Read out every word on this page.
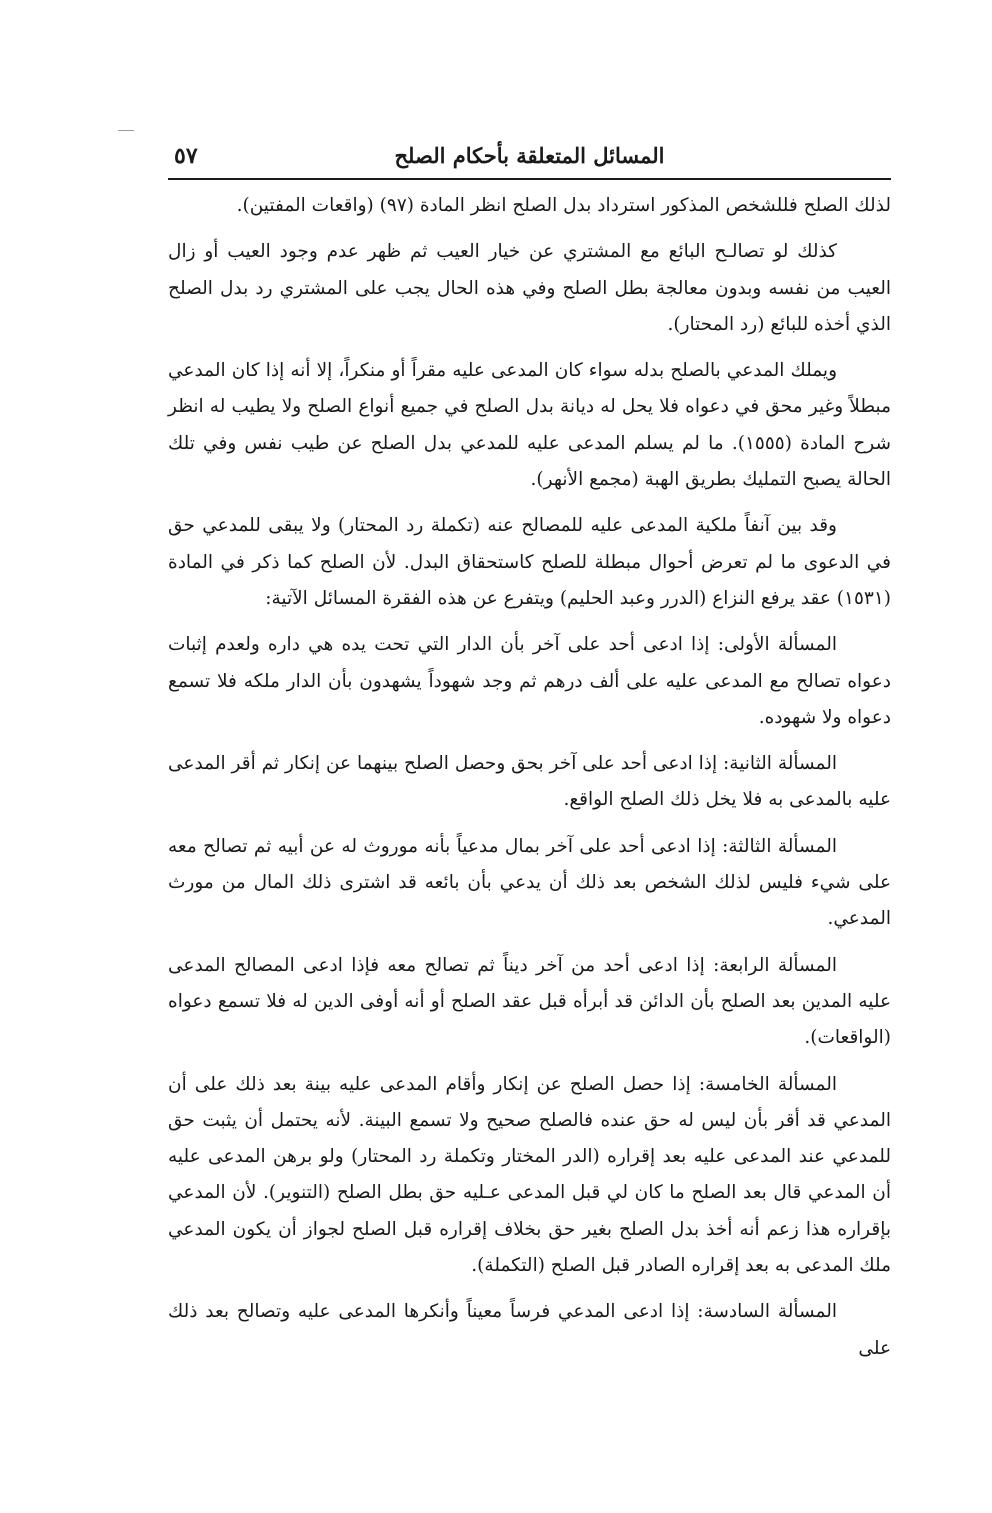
المسائل المتعلقة بأحكام الصلح
٥٧

لذلك الصلح فللشخص المذكور استرداد بدل الصلح انظر المادة (٩٧) (واقعات المفتين).

كذلك لو تصالـح البائع مع المشتري عن خيار العيب ثم ظهر عدم وجود العيب أو زال العيب من نفسه وبدون معالجة بطل الصلح وفي هذه الحال يجب على المشتري رد بدل الصلح الذي أخذه للبائع (رد المحتار).

ويملك المدعي بالصلح بدله سواء كان المدعى عليه مقراً أو منكراً، إلا أنه إذا كان المدعي مبطلاً وغير محق في دعواه فلا يحل له ديانة بدل الصلح في جميع أنواع الصلح ولا يطيب له انظر شرح المادة (١٥٥٥). ما لم يسلم المدعى عليه للمدعي بدل الصلح عن طيب نفس وفي تلك الحالة يصبح التمليك بطريق الهبة (مجمع الأنهر).

وقد بين آنفاً ملكية المدعى عليه للمصالح عنه (تكملة رد المحتار) ولا يبقى للمدعي حق في الدعوى ما لم تعرض أحوال مبطلة للصلح كاستحقاق البدل. لأن الصلح كما ذكر في المادة (١٥٣١) عقد يرفع النزاع (الدرر وعبد الحليم) ويتفرع عن هذه الفقرة المسائل الآتية:

المسألة الأولى: إذا ادعى أحد على آخر بأن الدار التي تحت يده هي داره ولعدم إثبات دعواه تصالح مع المدعى عليه على ألف درهم ثم وجد شهوداً يشهدون بأن الدار ملكه فلا تسمع دعواه ولا شهوده.

المسألة الثانية: إذا ادعى أحد على آخر بحق وحصل الصلح بينهما عن إنكار ثم أقر المدعى عليه بالمدعى به فلا يخل ذلك الصلح الواقع.

المسألة الثالثة: إذا ادعى أحد على آخر بمال مدعياً بأنه موروث له عن أبيه ثم تصالح معه على شيء فليس لذلك الشخص بعد ذلك أن يدعي بأن بائعه قد اشترى ذلك المال من مورث المدعي.

المسألة الرابعة: إذا ادعى أحد من آخر ديناً ثم تصالح معه فإذا ادعى المصالح المدعى عليه المدين بعد الصلح بأن الدائن قد أبرأه قبل عقد الصلح أو أنه أوفى الدين له فلا تسمع دعواه (الواقعات).

المسألة الخامسة: إذا حصل الصلح عن إنكار وأقام المدعى عليه بينة بعد ذلك على أن المدعي قد أقر بأن ليس له حق عنده فالصلح صحيح ولا تسمع البينة. لأنه يحتمل أن يثبت حق للمدعي عند المدعى عليه بعد إقراره (الدر المختار وتكملة رد المحتار) ولو برهن المدعى عليه أن المدعي قال بعد الصلح ما كان لي قبل المدعى عـليه حق بطل الصلح (التنوير). لأن المدعي بإقراره هذا زعم أنه أخذ بدل الصلح بغير حق بخلاف إقراره قبل الصلح لجواز أن يكون المدعي ملك المدعى به بعد إقراره الصادر قبل الصلح (التكملة).

المسألة السادسة: إذا ادعى المدعي فرساً معيناً وأنكرها المدعى عليه وتصالح بعد ذلك على
